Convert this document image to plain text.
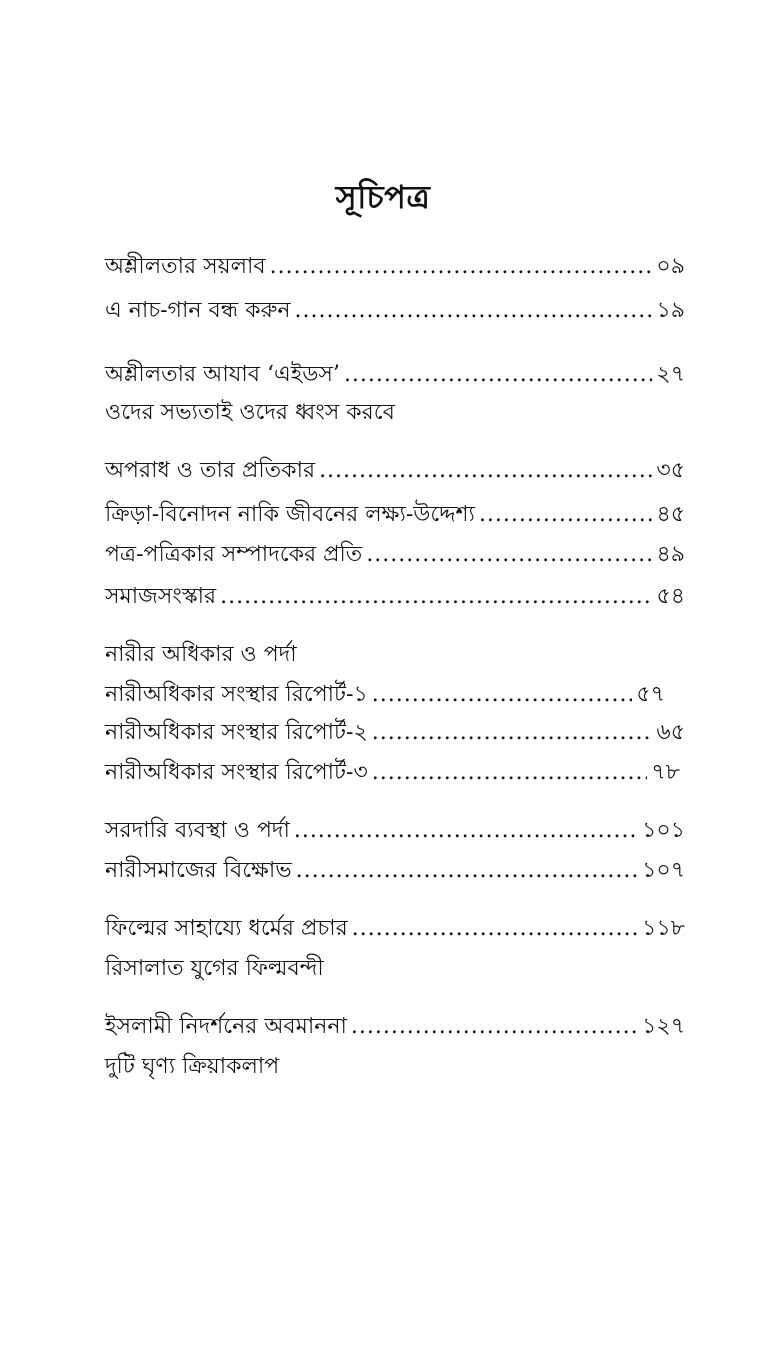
সূচিপত্র
অশ্লীলতার সয়লাব .....	০৯
এ নাচ-গান বন্ধ করুন .....	১৯
অশ্লীলতার আযাব ‘এইডস’ .....	২৭
ওদের সভ্যতাই ওদের ধ্বংস করবে
অপরাধ ও তার প্রতিকার .....	৩৫
ক্রিড়া-বিনোদন নাকি জীবনের লক্ষ্য-উদ্দেশ্য .....	৪৫
পত্র-পত্রিকার সম্পাদকের প্রতি .....	৪৯
সমাজসংস্কার .....	৫৪
নারীর অধিকার ও পর্দা
নারীঅধিকার সংস্থার রিপোর্ট-১ .....	৫৭
নারীঅধিকার সংস্থার রিপোর্ট-২ .....	৬৫
নারীঅধিকার সংস্থার রিপোর্ট-৩ .....	৭৮
সরদারি ব্যবস্থা ও পর্দা .....	১০১
নারীসমাজের বিক্ষোভ .....	১০৭
ফিল্মের সাহায্যে ধর্মের প্রচার .....	১১৮
রিসালাত যুগের ফিল্মবন্দী
ইসলামী নিদর্শনের অবমাননা .....	১২৭
দুটি ঘৃণ্য ক্রিয়াকলাপ
